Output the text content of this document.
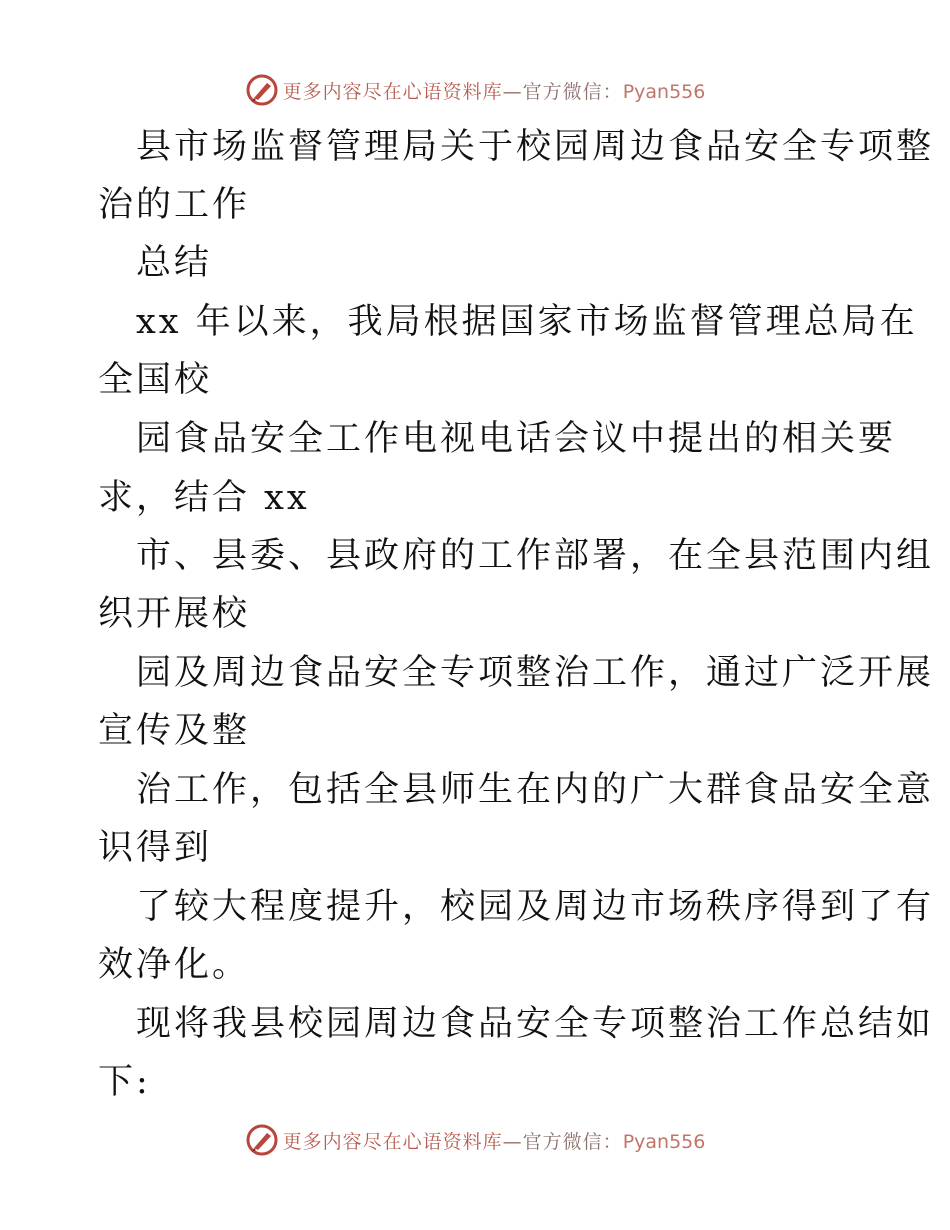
更多内容尽在心语资料库—官方微信：Pyan556
县市场监督管理局关于校园周边食品安全专项整
治的工作
总结
xx 年以来，我局根据国家市场监督管理总局在
全国校
园食品安全工作电视电话会议中提出的相关要
求，结合 xx
市、县委、县政府的工作部署，在全县范围内组
织开展校
园及周边食品安全专项整治工作，通过广泛开展
宣传及整
治工作，包括全县师生在内的广大群食品安全意
识得到
了较大程度提升，校园及周边市场秩序得到了有
效净化。
现将我县校园周边食品安全专项整治工作总结如
下:
更多内容尽在心语资料库—官方微信：Pyan556
